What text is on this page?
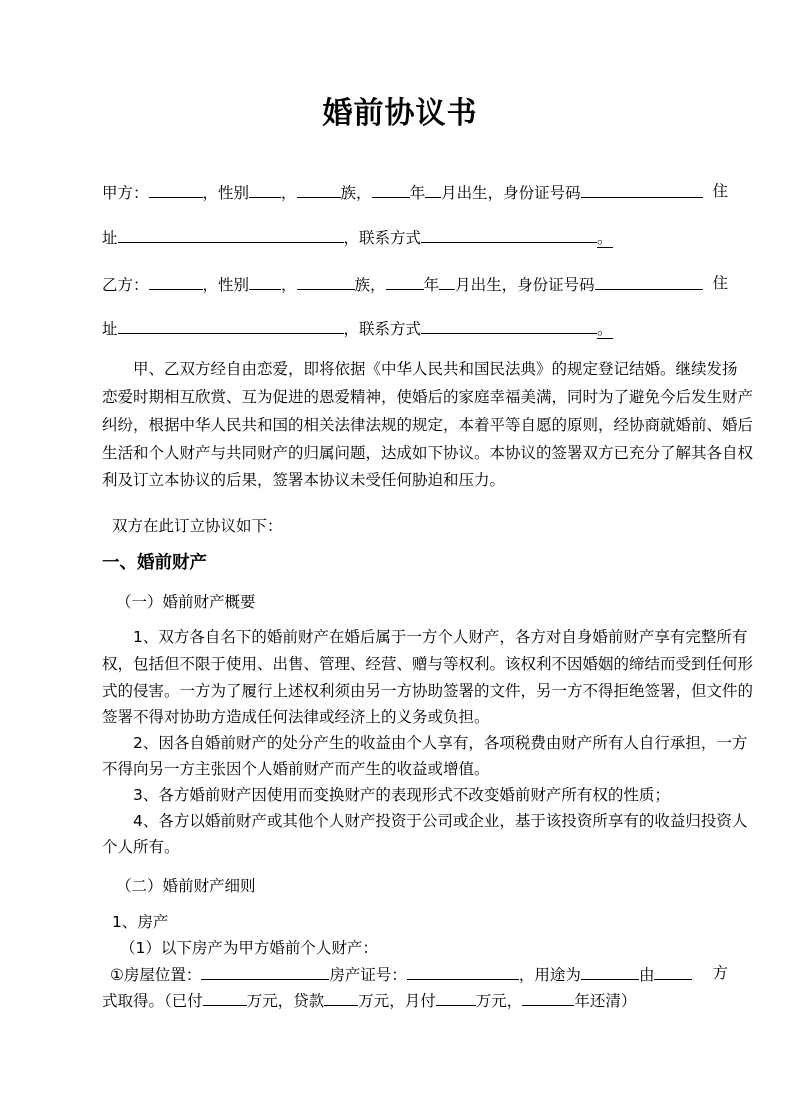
婚前协议书
甲方：	，性别 ，	族， 年 月出生，身份证号码	住
址	，联系方式	。
乙方：	，性别 ，	族， 年 月出生，身份证号码	住
址	，联系方式	。
甲、乙双方经自由恋爱，即将依据《中华人民共和国民法典》的规定登记结婚。继续发扬
恋爱时期相互欣赏、互为促进的恩爱精神，使婚后的家庭幸福美满，同时为了避免今后发生财产
纠纷，根据中华人民共和国的相关法律法规的规定，本着平等自愿的原则，经协商就婚前、婚后
生活和个人财产与共同财产的归属问题，达成如下协议。本协议的签署双方已充分了解其各自权
利及订立本协议的后果，签署本协议未受任何胁迫和压力。
双方在此订立协议如下：
一、婚前财产
（一）婚前财产概要
1、双方各自名下的婚前财产在婚后属于一方个人财产，各方对自身婚前财产享有完整所有
权，包括但不限于使用、出售、管理、经营、赠与等权利。该权利不因婚姻的缔结而受到任何形
式的侵害。一方为了履行上述权利须由另一方协助签署的文件，另一方不得拒绝签署，但文件的
签署不得对协助方造成任何法律或经济上的义务或负担。
2、因各自婚前财产的处分产生的收益由个人享有，各项税费由财产所有人自行承担，一方
不得向另一方主张因个人婚前财产而产生的收益或增值。
3、各方婚前财产因使用而变换财产的表现形式不改变婚前财产所有权的性质；
4、各方以婚前财产或其他个人财产投资于公司或企业，基于该投资所享有的收益归投资人
个人所有。
（二）婚前财产细则
1、房产
（1）以下房产为甲方婚前个人财产：
①房屋位置：	房产证号：	，用途为	由	方
式取得。（已付	万元，贷款 万元，月付	万元，	年还清）
